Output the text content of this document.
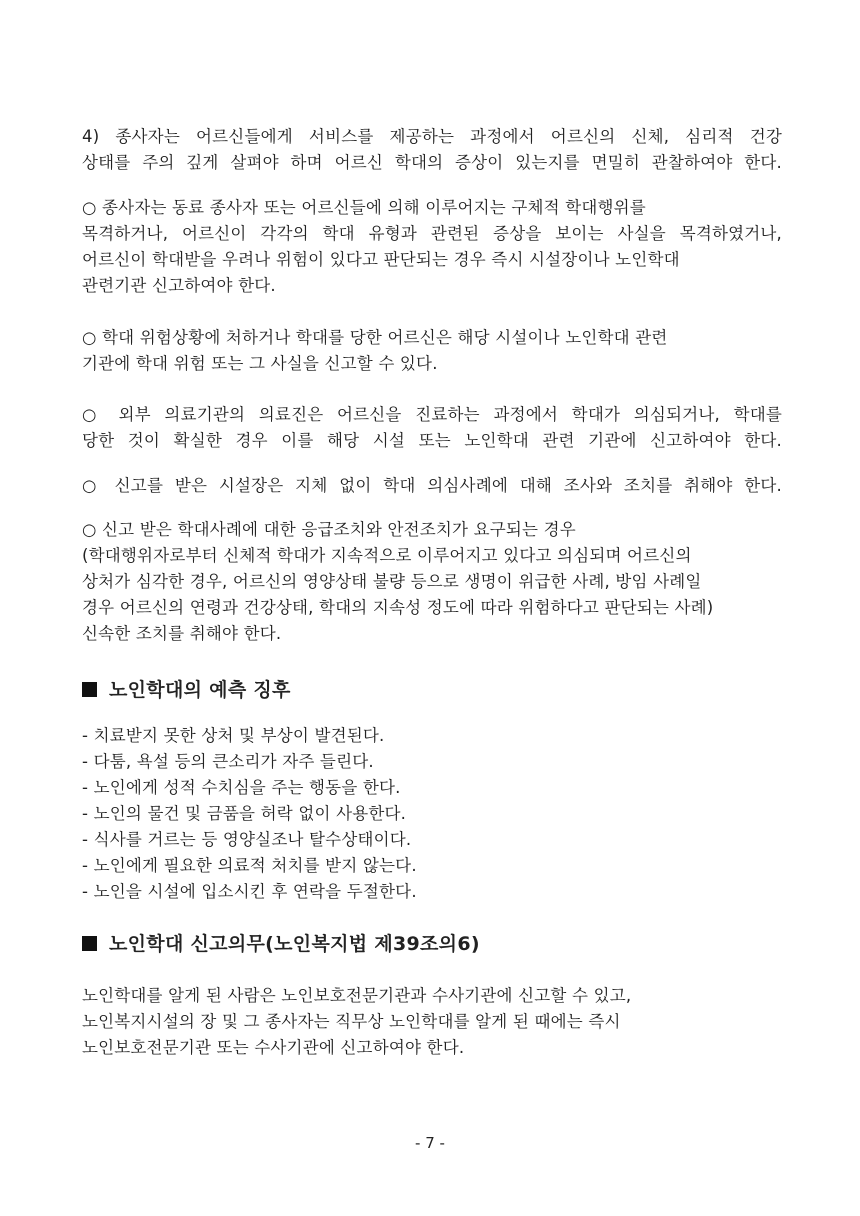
4) 종사자는 어르신들에게 서비스를 제공하는 과정에서 어르신의 신체, 심리적 건강
상태를 주의 깊게 살펴야 하며 어르신 학대의 증상이 있는지를 면밀히 관찰하여야 한다.
○ 종사자는 동료 종사자 또는 어르신들에 의해 이루어지는 구체적 학대행위를
목격하거나, 어르신이 각각의 학대 유형과 관련된 증상을 보이는 사실을 목격하였거나,
어르신이 학대받을 우려나 위험이 있다고 판단되는 경우 즉시 시설장이나 노인학대
관련기관 신고하여야 한다.
○ 학대 위험상황에 처하거나 학대를 당한 어르신은 해당 시설이나 노인학대 관련
기관에 학대 위험 또는 그 사실을 신고할 수 있다.
○ 외부 의료기관의 의료진은 어르신을 진료하는 과정에서 학대가 의심되거나, 학대를
당한 것이 확실한 경우 이를 해당 시설 또는 노인학대 관련 기관에 신고하여야 한다.
○ 신고를 받은 시설장은 지체 없이 학대 의심사례에 대해 조사와 조치를 취해야 한다.
○ 신고 받은 학대사례에 대한 응급조치와 안전조치가 요구되는 경우
(학대행위자로부터 신체적 학대가 지속적으로 이루어지고 있다고 의심되며 어르신의
상처가 심각한 경우, 어르신의 영양상태 불량 등으로 생명이 위급한 사례, 방임 사례일
경우 어르신의 연령과 건강상태, 학대의 지속성 정도에 따라 위험하다고 판단되는 사례)
신속한 조치를 취해야 한다.
노인학대의 예측 징후
- 치료받지 못한 상처 및 부상이 발견된다.
- 다툼, 욕설 등의 큰소리가 자주 들린다.
- 노인에게 성적 수치심을 주는 행동을 한다.
- 노인의 물건 및 금품을 허락 없이 사용한다.
- 식사를 거르는 등 영양실조나 탈수상태이다.
- 노인에게 필요한 의료적 처치를 받지 않는다.
- 노인을 시설에 입소시킨 후 연락을 두절한다.
노인학대 신고의무(노인복지법 제39조의6)
노인학대를 알게 된 사람은 노인보호전문기관과 수사기관에 신고할 수 있고,
노인복지시설의 장 및 그 종사자는 직무상 노인학대를 알게 된 때에는 즉시
노인보호전문기관 또는 수사기관에 신고하여야 한다.
- 7 -
